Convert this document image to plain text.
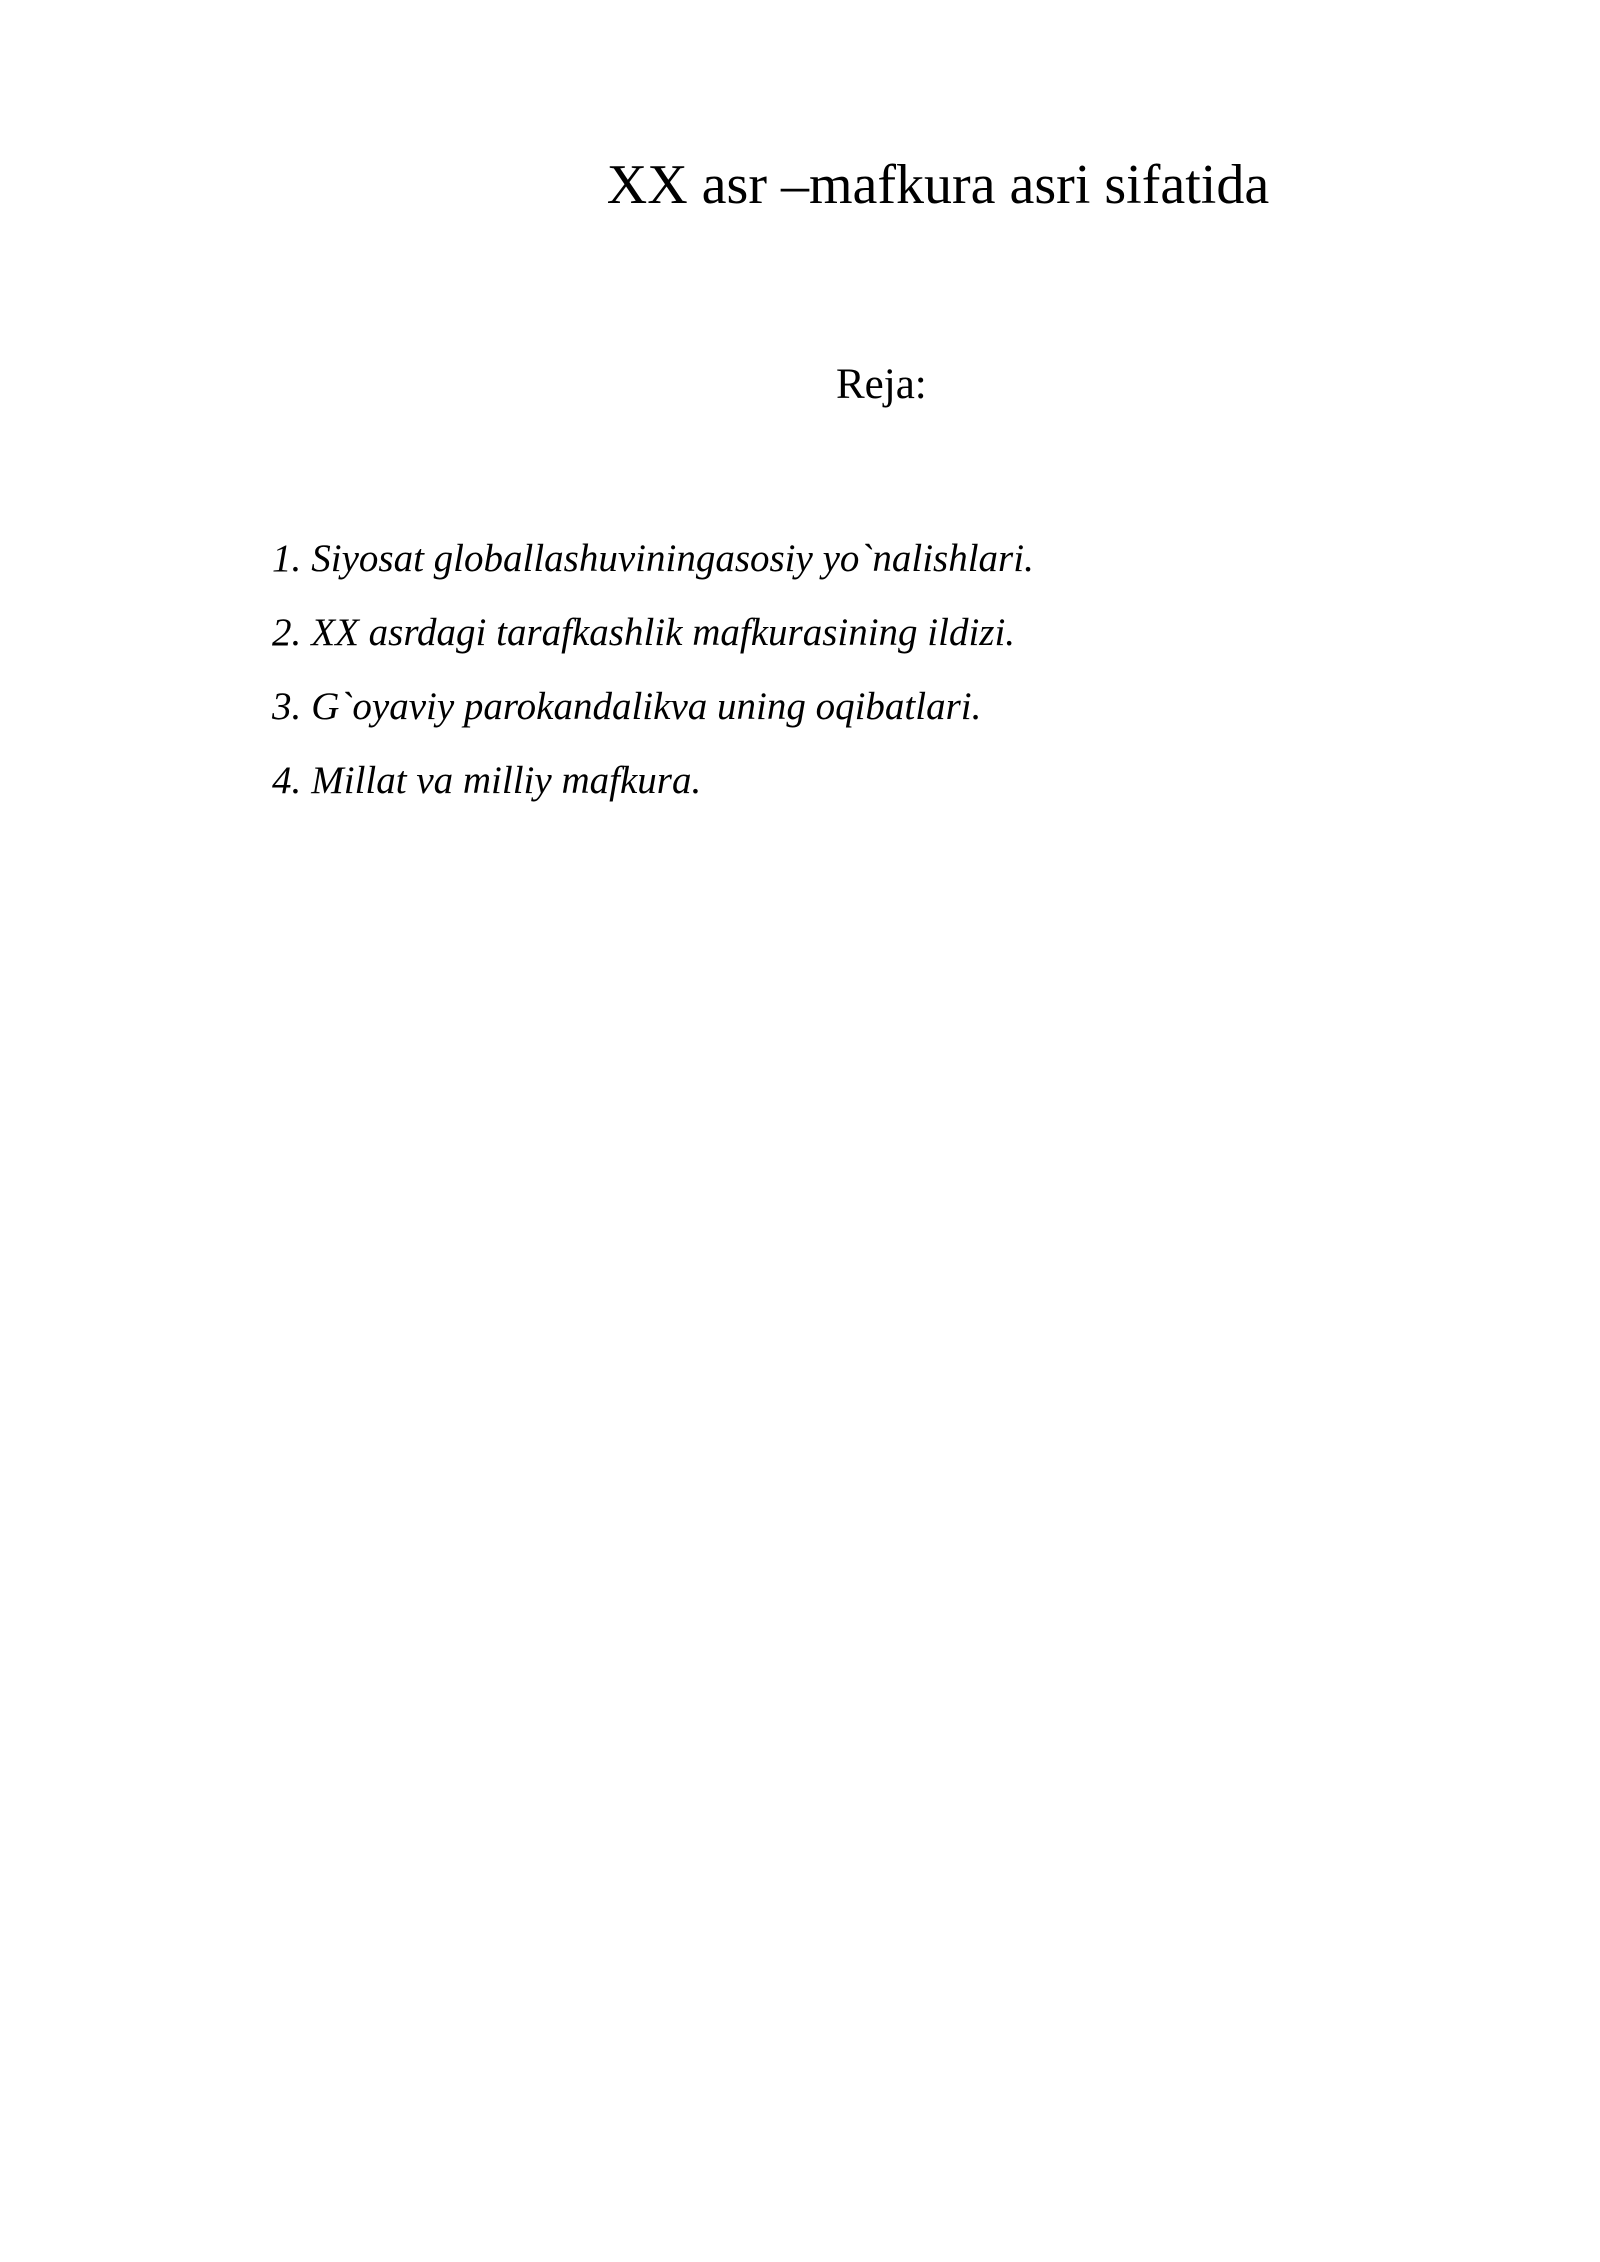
XX asr –mafkura asri sifatida
Reja:
1. Siyosat globallashuviningasosiy yo`nalishlari.
2. XX asrdagi tarafkashlik mafkurasining ildizi.
3. G`oyaviy parokandalikva uning oqibatlari.
4. Millat va milliy mafkura.
